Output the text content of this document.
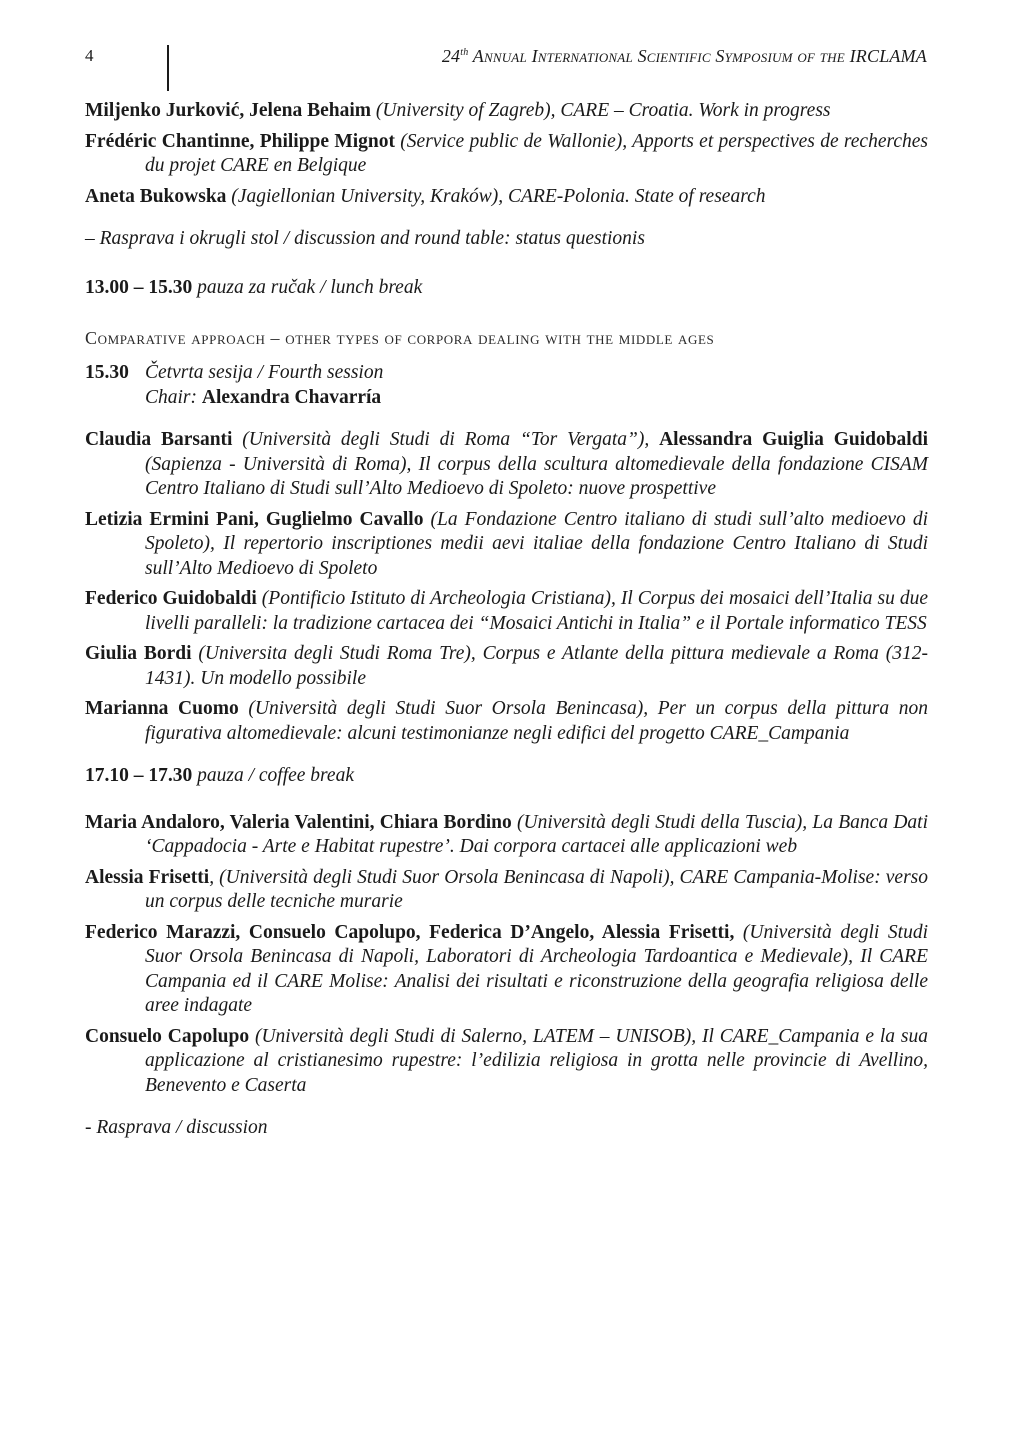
4	24th Annual International Scientific Symposium of the IRCLAMA
Miljenko Jurković, Jelena Behaim (University of Zagreb), CARE – Croatia. Work in progress
Frédéric Chantinne, Philippe Mignot (Service public de Wallonie), Apports et perspectives de recherches du projet CARE en Belgique
Aneta Bukowska (Jagiellonian University, Kraków), CARE-Polonia. State of research
– Rasprava i okrugli stol / discussion and round table: status questionis
13.00 – 15.30 pauza za ručak / lunch break
Comparative approach – other types of corpora dealing with the middle ages
15.30 Četvrta sesija / Fourth session
Chair: Alexandra Chavarría
Claudia Barsanti (Università degli Studi di Roma “Tor Vergata”), Alessandra Guiglia Guidobaldi (Sapienza - Università di Roma), Il corpus della scultura altomedievale della fondazione CISAM Centro Italiano di Studi sull’Alto Medioevo di Spoleto: nuove prospettive
Letizia Ermini Pani, Guglielmo Cavallo (La Fondazione Centro italiano di studi sull’alto medioevo di Spoleto), Il repertorio inscriptiones medii aevi italiae della fondazione Centro Italiano di Studi sull’Alto Medioevo di Spoleto
Federico Guidobaldi (Pontificio Istituto di Archeologia Cristiana), Il Corpus dei mosaici dell’Italia su due livelli paralleli: la tradizione cartacea dei “Mosaici Antichi in Italia” e il Portale informatico TESS
Giulia Bordi (Universita degli Studi Roma Tre), Corpus e Atlante della pittura medievale a Roma (312-1431). Un modello possibile
Marianna Cuomo (Università degli Studi Suor Orsola Benincasa), Per un corpus della pittura non figurativa altomedievale: alcuni testimonianze negli edifici del progetto CARE_Campania
17.10 – 17.30 pauza / coffee break
Maria Andaloro, Valeria Valentini, Chiara Bordino (Università degli Studi della Tuscia), La Banca Dati ‘Cappadocia - Arte e Habitat rupestre’. Dai corpora cartacei alle applicazioni web
Alessia Frisetti, (Università degli Studi Suor Orsola Benincasa di Napoli), CARE Campania-Molise: verso un corpus delle tecniche murarie
Federico Marazzi, Consuelo Capolupo, Federica D’Angelo, Alessia Frisetti, (Università degli Studi Suor Orsola Benincasa di Napoli, Laboratori di Archeologia Tardoantica e Medievale), Il CARE Campania ed il CARE Molise: Analisi dei risultati e riconstruzione della geografia religiosa delle aree indagate
Consuelo Capolupo (Università degli Studi di Salerno, LATEM – UNISOB), Il CARE_Campania e la sua applicazione al cristianesimo rupestre: l’edilizia religiosa in grotta nelle provincie di Avellino, Benevento e Caserta
- Rasprava / discussion
